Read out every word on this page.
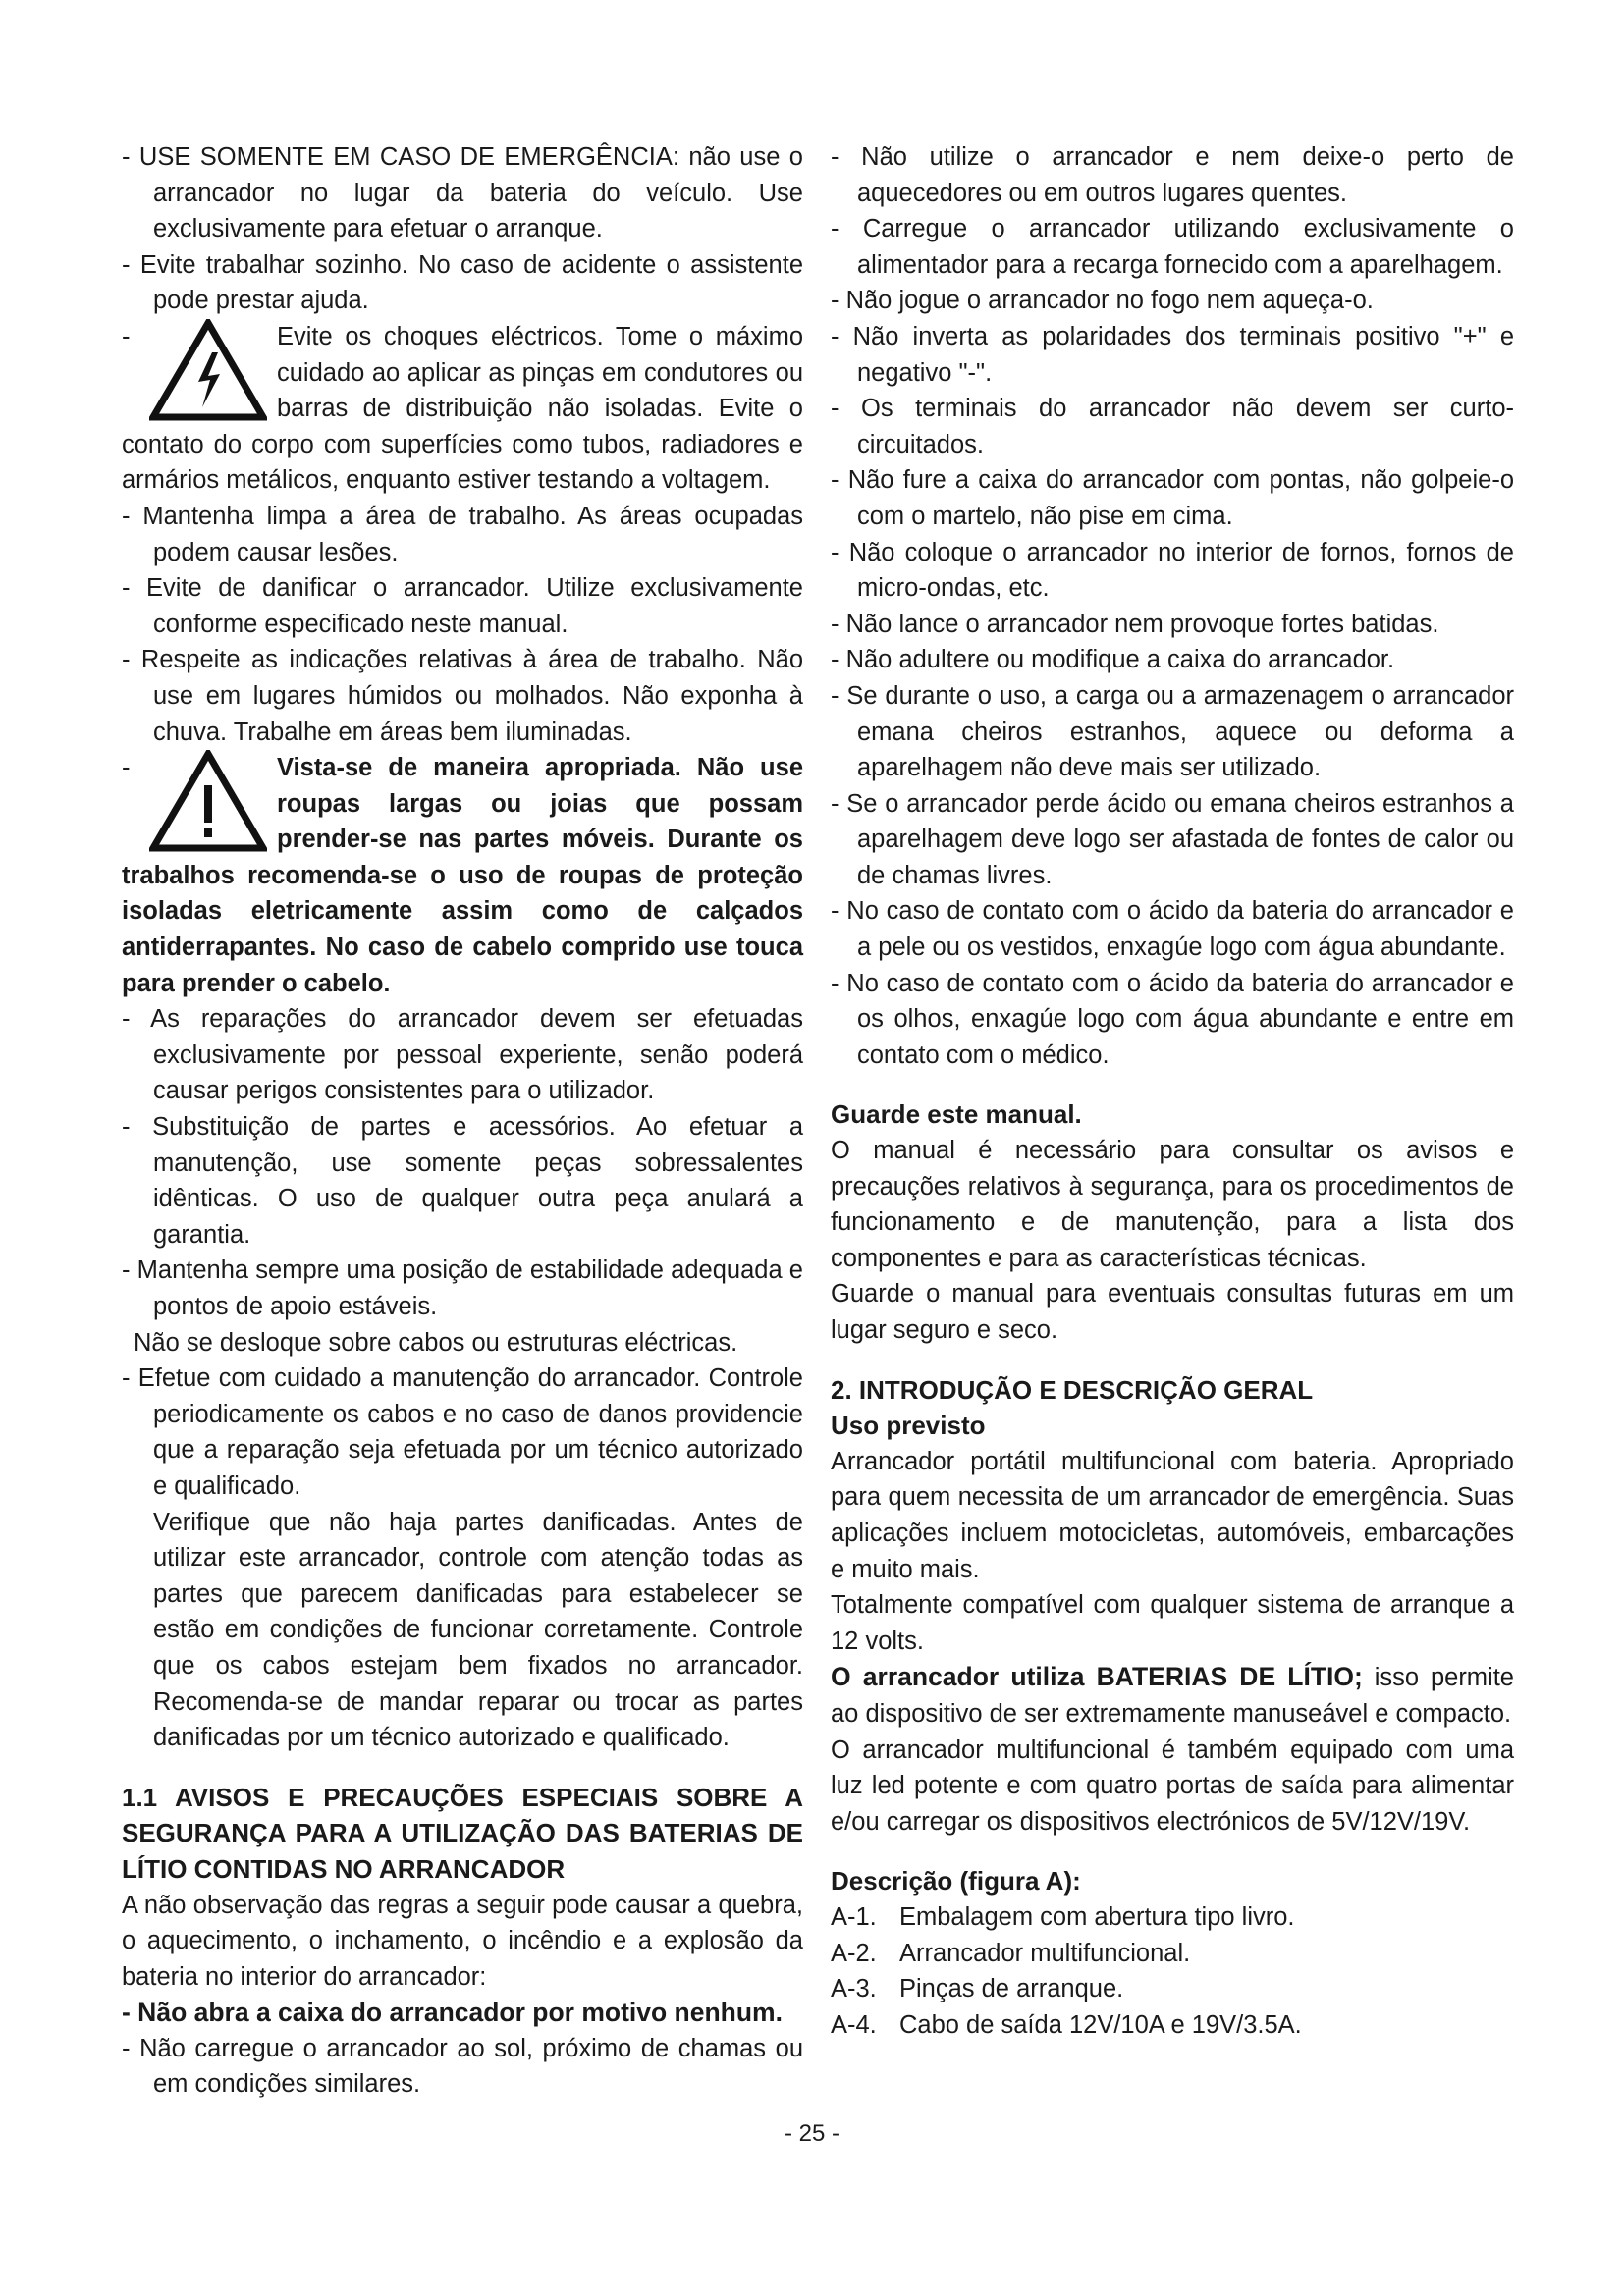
- USE SOMENTE EM CASO DE EMERGÊNCIA: não use o arrancador no lugar da bateria do veículo. Use exclusivamente para efetuar o arranque.

- Evite trabalhar sozinho. No caso de acidente o assistente pode prestar ajuda.

-	Evite os choques eléctricos. Tome o máximo cuidado ao aplicar as pinças em condutores ou barras de distribuição não isoladas. Evite o contato do corpo com superfícies como tubos, radiadores e armários metálicos, enquanto estiver testando a voltagem.

- Mantenha limpa a área de trabalho. As áreas ocupadas podem causar lesões.

- Evite de danificar o arrancador. Utilize exclusivamente conforme especificado neste manual.

- Respeite as indicações relativas à área de trabalho. Não use em lugares húmidos ou molhados. Não exponha à chuva. Trabalhe em áreas bem iluminadas.

-	Vista-se de maneira apropriada. Não use roupas largas ou joias que possam prender-se nas partes móveis. Durante os trabalhos recomenda-se o uso de roupas de proteção isoladas eletricamente assim como de calçados antiderrapantes. No caso de cabelo comprido use touca para prender o cabelo.

- As reparações do arrancador devem ser efetuadas exclusivamente por pessoal experiente, senão poderá causar perigos consistentes para o utilizador.

- Substituição de partes e acessórios. Ao efetuar a manutenção, use somente peças sobressalentes idênticas. O uso de qualquer outra peça anulará a garantia.

- Mantenha sempre uma posição de estabilidade adequada e pontos de apoio estáveis.

Não se desloque sobre cabos ou estruturas eléctricas.

- Efetue com cuidado a manutenção do arrancador. Controle periodicamente os cabos e no caso de danos providencie que a reparação seja efetuada por um técnico autorizado e qualificado.

Verifique que não haja partes danificadas. Antes de utilizar este arrancador, controle com atenção todas as partes que parecem danificadas para estabelecer se estão em condições de funcionar corretamente. Controle que os cabos estejam bem fixados no arrancador. Recomenda-se de mandar reparar ou trocar as partes danificadas por um técnico autorizado e qualificado.

1.1 AVISOS E PRECAUÇÕES ESPECIAIS SOBRE A SEGURANÇA PARA A UTILIZAÇÃO DAS BATERIAS DE LÍTIO CONTIDAS NO ARRANCADOR

A não observação das regras a seguir pode causar a quebra, o aquecimento, o inchamento, o incêndio e a explosão da bateria no interior do arrancador:

- Não abra a caixa do arrancador por motivo nenhum.

- Não carregue o arrancador ao sol, próximo de chamas ou em condições similares.

- Não utilize o arrancador e nem deixe-o perto de aquecedores ou em outros lugares quentes.

- Carregue o arrancador utilizando exclusivamente o alimentador para a recarga fornecido com a aparelhagem.

- Não jogue o arrancador no fogo nem aqueça-o.

- Não inverta as polaridades dos terminais positivo "+" e negativo "-".

- Os terminais do arrancador não devem ser curto-circuitados.

- Não fure a caixa do arrancador com pontas, não golpeie-o com o martelo, não pise em cima.

- Não coloque o arrancador no interior de fornos, fornos de micro-ondas, etc.

- Não lance o arrancador nem provoque fortes batidas.

- Não adultere ou modifique a caixa do arrancador.

- Se durante o uso, a carga ou a armazenagem o arrancador emana cheiros estranhos, aquece ou deforma a aparelhagem não deve mais ser utilizado.

- Se o arrancador perde ácido ou emana cheiros estranhos a aparelhagem deve logo ser afastada de fontes de calor ou de chamas livres.

- No caso de contato com o ácido da bateria do arrancador e a pele ou os vestidos, enxagúe logo com água abundante.

- No caso de contato com o ácido da bateria do arrancador e os olhos, enxagúe logo com água abundante e entre em contato com o médico.

Guarde este manual.

O manual é necessário para consultar os avisos e precauções relativos à segurança, para os procedimentos de funcionamento e de manutenção, para a lista dos componentes e para as características técnicas.

Guarde o manual para eventuais consultas futuras em um lugar seguro e seco.

2. INTRODUÇÃO E DESCRIÇÃO GERAL

Uso previsto

Arrancador portátil multifuncional com bateria. Apropriado para quem necessita de um arrancador de emergência. Suas aplicações incluem motocicletas, automóveis, embarcações e muito mais.

Totalmente compatível com qualquer sistema de arranque a 12 volts.

O arrancador utiliza BATERIAS DE LÍTIO; isso permite ao dispositivo de ser extremamente manuseável e compacto.

O arrancador multifuncional é também equipado com uma luz led potente e com quatro portas de saída para alimentar e/ou carregar os dispositivos electrónicos de 5V/12V/19V.

Descrição (figura A):

A-1. Embalagem com abertura tipo livro.
A-2. Arrancador multifuncional.
A-3. Pinças de arranque.
A-4. Cabo de saída 12V/10A e 19V/3.5A.
- 25 -
